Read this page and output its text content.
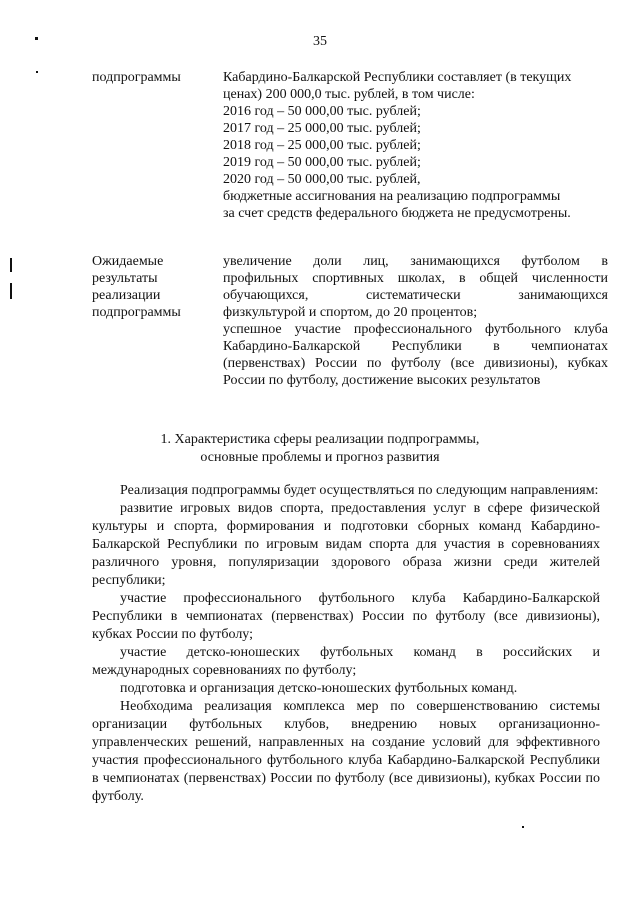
35
подпрограммы	Кабардино-Балкарской Республики составляет (в текущих
ценах) 200 000,0 тыс. рублей, в том числе:
2016 год – 50 000,00 тыс. рублей;
2017 год – 25 000,00 тыс. рублей;
2018 год – 25 000,00 тыс. рублей;
2019 год – 50 000,00 тыс. рублей;
2020 год – 50 000,00 тыс. рублей,
бюджетные ассигнования на реализацию подпрограммы
за счет средств федерального бюджета не предусмотрены.
Ожидаемые
результаты
реализации
подпрограммы
увеличение доли лиц, занимающихся футболом в
профильных спортивных школах, в общей численности
обучающихся, систематически занимающихся
физкультурой и спортом, до 20 процентов;
успешное участие профессионального футбольного клуба
Кабардино-Балкарской Республики в чемпионатах
(первенствах) России по футболу (все дивизионы), кубках
России по футболу, достижение высоких результатов
1. Характеристика сферы реализации подпрограммы,
основные проблемы и прогноз развития

Реализация подпрограммы будет осуществляться по следующим направлениям:

развитие игровых видов спорта, предоставления услуг в сфере физической культуры и спорта, формирования и подготовки сборных команд Кабардино-Балкарской Республики по игровым видам спорта для участия в соревнованиях различного уровня, популяризации здорового образа жизни среди жителей республики;

участие профессионального футбольного клуба Кабардино-Балкарской Республики в чемпионатах (первенствах) России по футболу (все дивизионы), кубках России по футболу;

участие детско-юношеских футбольных команд в российских и международных соревнованиях по футболу;

подготовка и организация детско-юношеских футбольных команд.

Необходима реализация комплекса мер по совершенствованию системы организации футбольных клубов, внедрению новых организационно-управленческих решений, направленных на создание условий для эффективного участия профессионального футбольного клуба Кабардино-Балкарской Республики в чемпионатах (первенствах) России по футболу (все дивизионы), кубках России по футболу.
